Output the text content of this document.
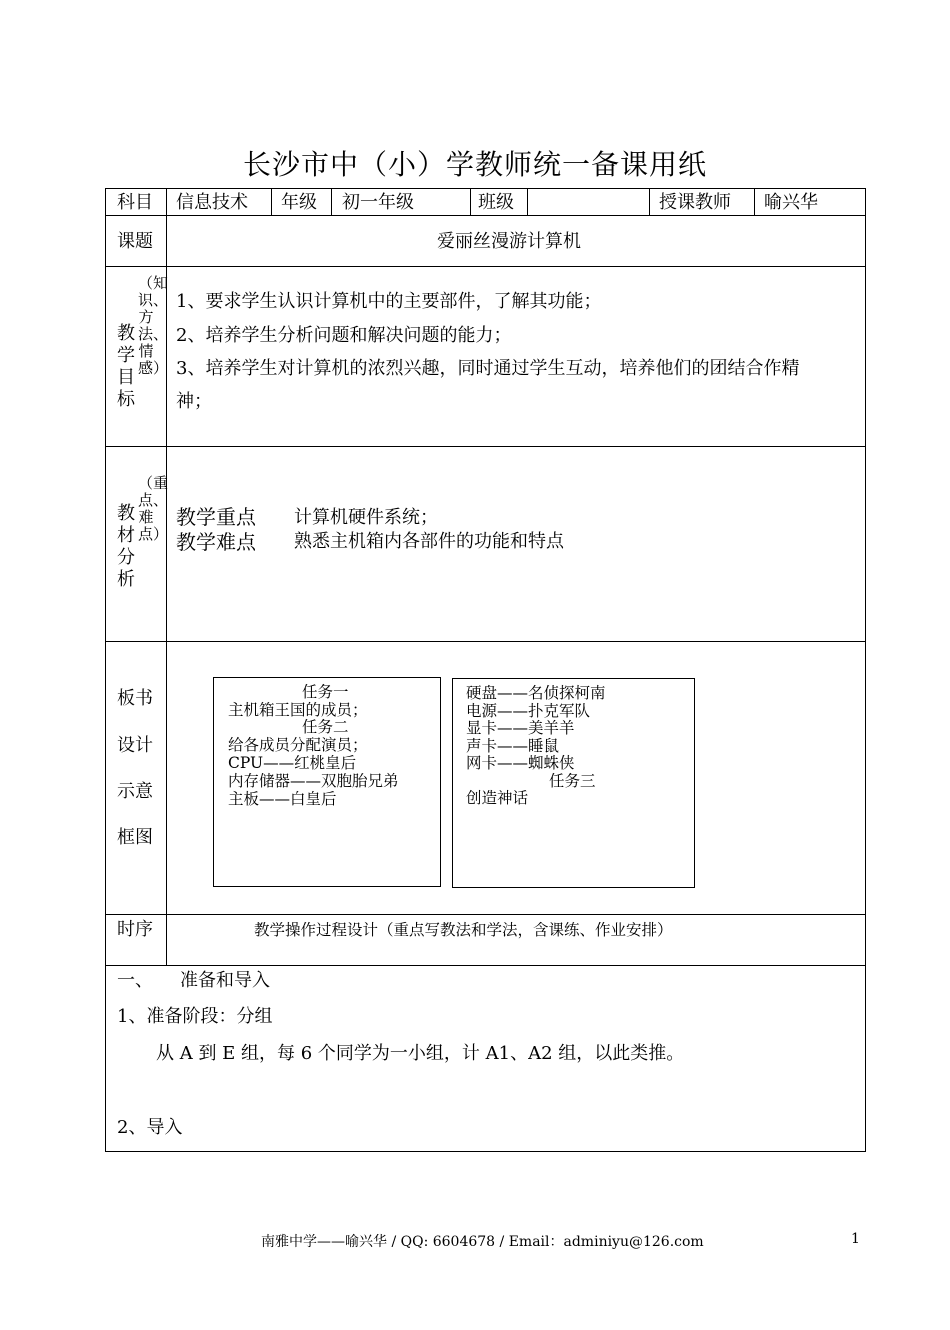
长沙市中（小）学教师统一备课用纸
科目 信息技术 年级 初一年级	班级	授课教师 喻兴华
课题	爱丽丝漫游计算机
教学目标
（知识、方法、情感）
1、要求学生认识计算机中的主要部件，了解其功能；
2、培养学生分析问题和解决问题的能力；
3、培养学生对计算机的浓烈兴趣，同时通过学生互动，培养他们的团结合作精
神；
教材分析
（重点、难点）
教学重点 计算机硬件系统；
教学难点 熟悉主机箱内各部件的功能和特点
板书
设计
示意
框图
任务一
主机箱王国的成员；
任务二
给各成员分配演员；
CPU——红桃皇后
内存储器——双胞胎兄弟
主板——白皇后
硬盘——名侦探柯南
电源——扑克军队
显卡——美羊羊
声卡——睡鼠
网卡——蜘蛛侠
任务三
创造神话
时序	教学操作过程设计（重点写教法和学法，含课练、作业安排）
一、　　准备和导入
1、准备阶段：分组
从 A 到 E 组，每 6 个同学为一小组，计 A1、A2 组，以此类推。
2、导入
南雅中学——喻兴华 / QQ: 6604678 / Email：adminiyu@126.com	1
